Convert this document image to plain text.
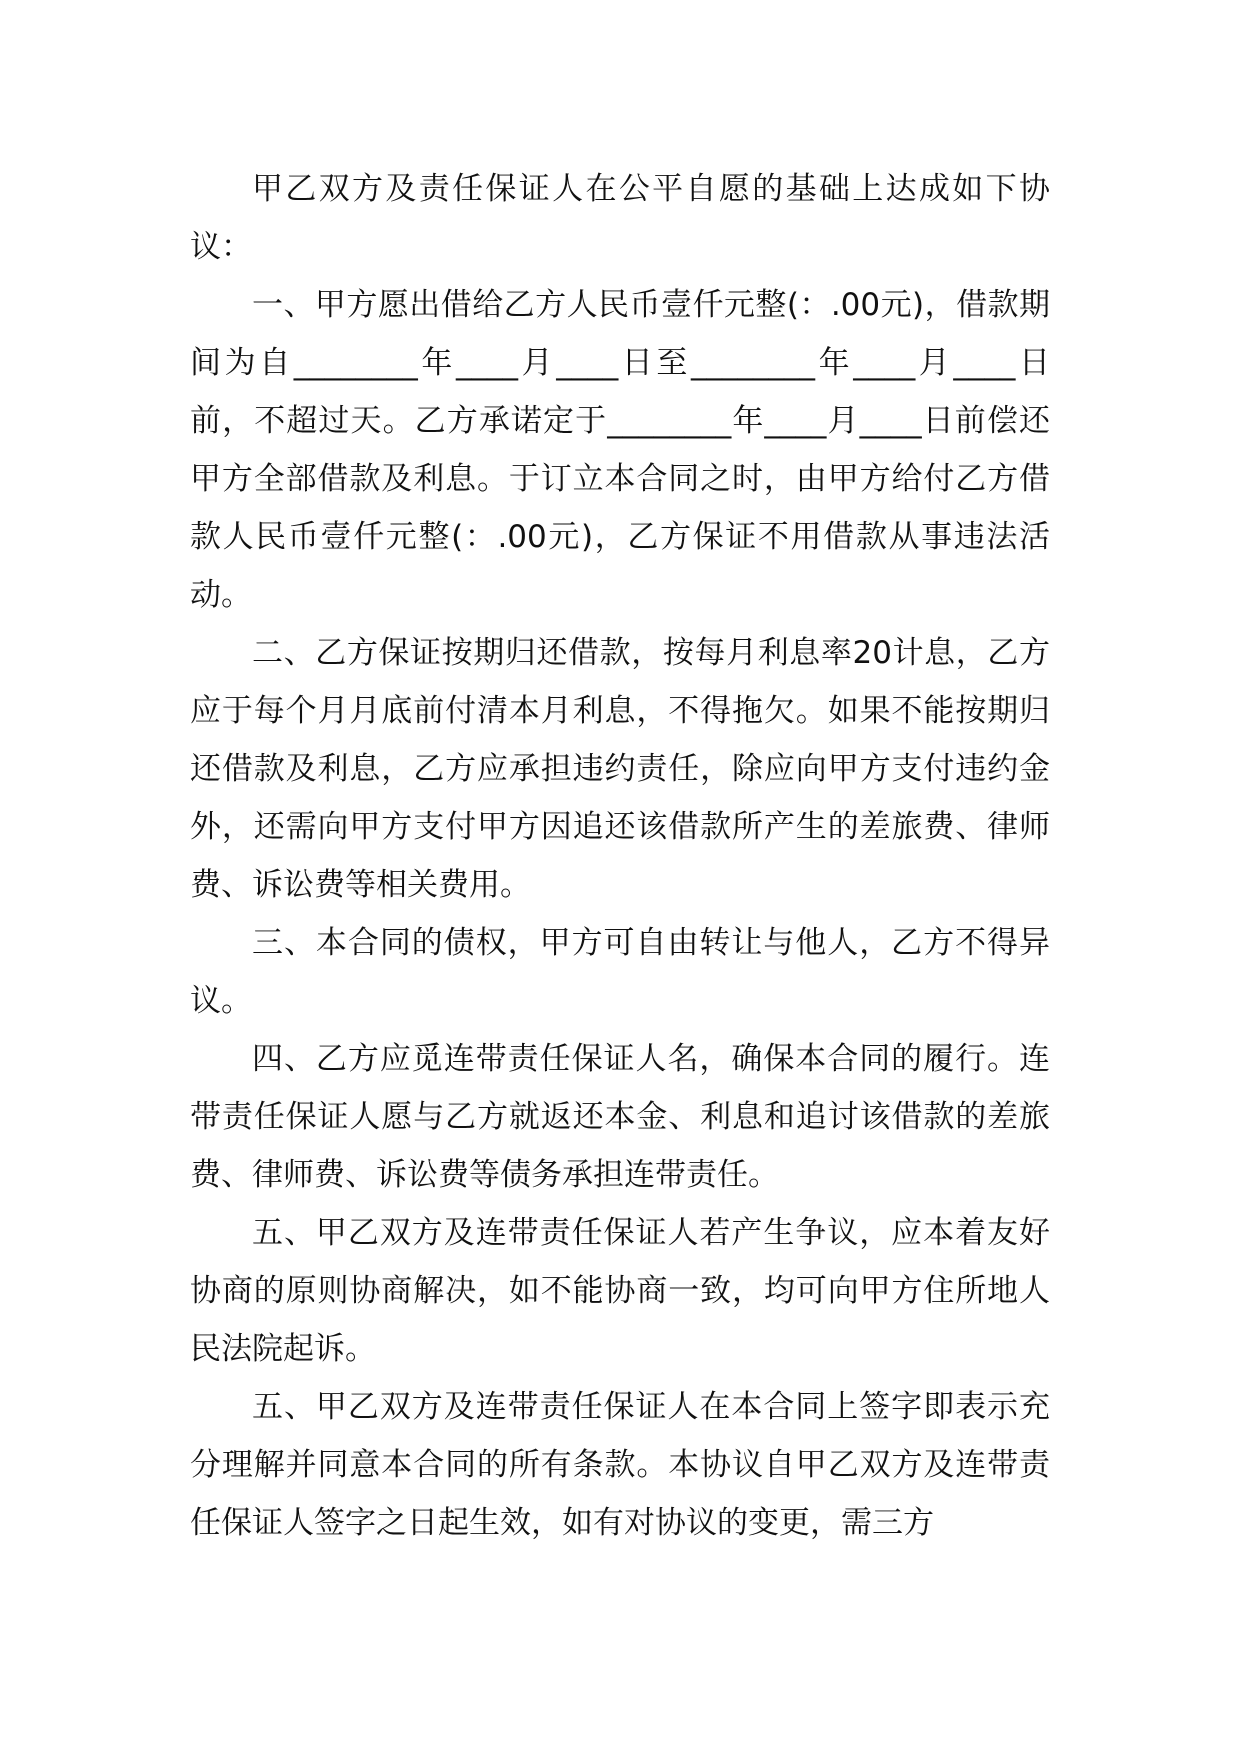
甲乙双方及责任保证人在公平自愿的基础上达成如下协议：

一、甲方愿出借给乙方人民币壹仟元整(：.00元)，借款期间为自________年____月____日至________年____月____日前，不超过天。乙方承诺定于________年____月____日前偿还甲方全部借款及利息。于订立本合同之时，由甲方给付乙方借款人民币壹仟元整(：.00元)，乙方保证不用借款从事违法活动。

二、乙方保证按期归还借款，按每月利息率20计息，乙方应于每个月月底前付清本月利息，不得拖欠。如果不能按期归还借款及利息，乙方应承担违约责任，除应向甲方支付违约金外，还需向甲方支付甲方因追还该借款所产生的差旅费、律师费、诉讼费等相关费用。

三、本合同的债权，甲方可自由转让与他人，乙方不得异议。

四、乙方应觅连带责任保证人名，确保本合同的履行。连带责任保证人愿与乙方就返还本金、利息和追讨该借款的差旅费、律师费、诉讼费等债务承担连带责任。

五、甲乙双方及连带责任保证人若产生争议，应本着友好协商的原则协商解决，如不能协商一致，均可向甲方住所地人民法院起诉。

五、甲乙双方及连带责任保证人在本合同上签字即表示充分理解并同意本合同的所有条款。本协议自甲乙双方及连带责任保证人签字之日起生效，如有对协议的变更，需三方
